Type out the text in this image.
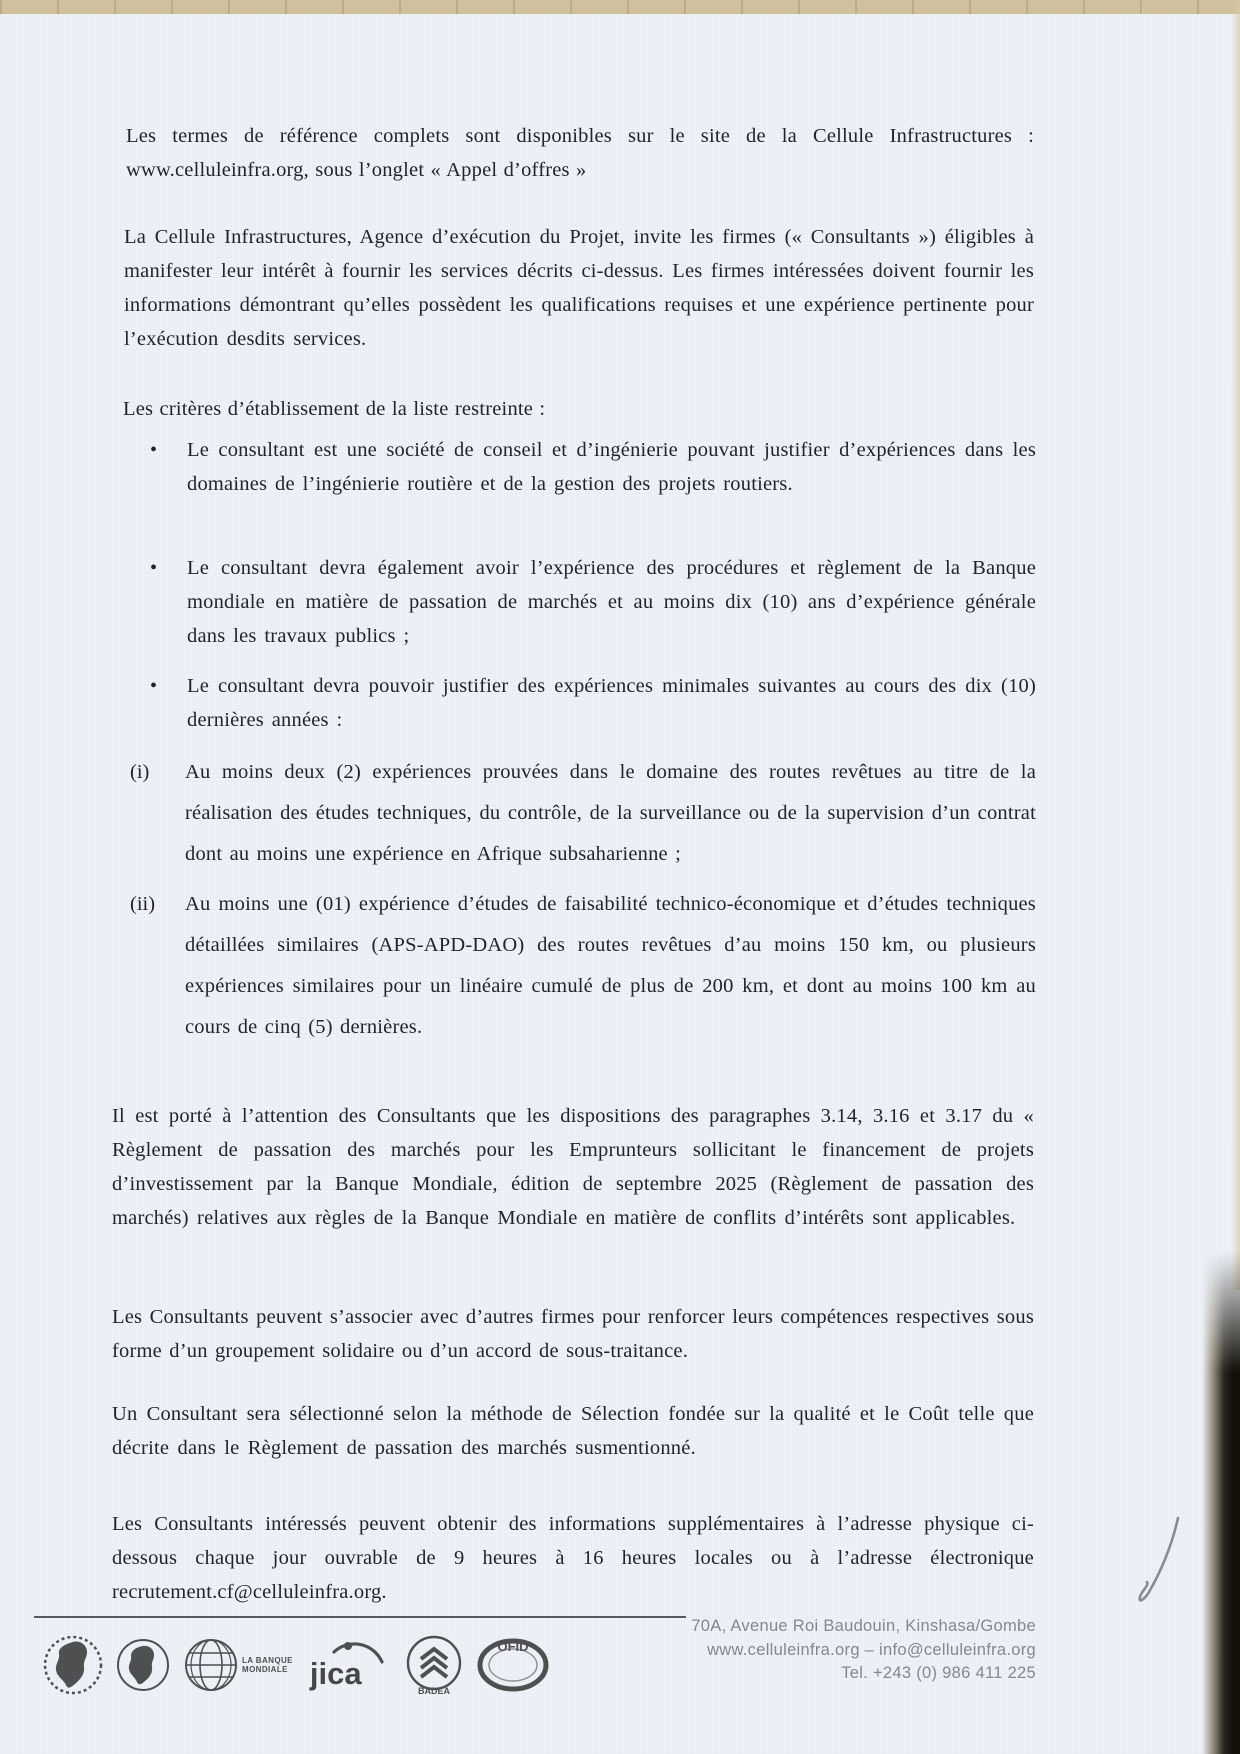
Les termes de référence complets sont disponibles sur le site de la Cellule Infrastructures : www.celluleinfra.org, sous l’onglet « Appel d’offres »

La Cellule Infrastructures, Agence d’exécution du Projet, invite les firmes (« Consultants ») éligibles à manifester leur intérêt à fournir les services décrits ci-dessus. Les firmes intéressées doivent fournir les informations démontrant qu’elles possèdent les qualifications requises et une expérience pertinente pour l’exécution desdits services.

Les critères d’établissement de la liste restreinte :

•	Le consultant est une société de conseil et d’ingénierie pouvant justifier d’expériences dans les domaines de l’ingénierie routière et de la gestion des projets routiers.
•	Le consultant devra également avoir l’expérience des procédures et règlement de la Banque mondiale en matière de passation de marchés et au moins dix (10) ans d’expérience générale dans les travaux publics ;
•	Le consultant devra pouvoir justifier des expériences minimales suivantes au cours des dix (10) dernières années :
(i)	Au moins deux (2) expériences prouvées dans le domaine des routes revêtues au titre de la réalisation des études techniques, du contrôle, de la surveillance ou de la supervision d’un contrat dont au moins une expérience en Afrique subsaharienne ;
(ii)	Au moins une (01) expérience d’études de faisabilité technico-économique et d’études techniques détaillées similaires (APS-APD-DAO) des routes revêtues d’au moins 150 km, ou plusieurs expériences similaires pour un linéaire cumulé de plus de 200 km, et dont au moins 100 km au cours de cinq (5) dernières.

Il est porté à l’attention des Consultants que les dispositions des paragraphes 3.14, 3.16 et 3.17 du « Règlement de passation des marchés pour les Emprunteurs sollicitant le financement de projets d’investissement par la Banque Mondiale, édition de septembre 2025 (Règlement de passation des marchés) relatives aux règles de la Banque Mondiale en matière de conflits d’intérêts sont applicables.

Les Consultants peuvent s’associer avec d’autres firmes pour renforcer leurs compétences respectives sous forme d’un groupement solidaire ou d’un accord de sous-traitance.

Un Consultant sera sélectionné selon la méthode de Sélection fondée sur la qualité et le Coût telle que décrite dans le Règlement de passation des marchés susmentionné.

Les Consultants intéressés peuvent obtenir des informations supplémentaires à l’adresse physique ci-dessous chaque jour ouvrable de 9 heures à 16 heures locales ou à l’adresse électronique recrutement.cf@celluleinfra.org.

LA BANQUE
MONDIALE jica	BADEA
OFID
70A, Avenue Roi Baudouin, Kinshasa/Gombe
www.celluleinfra.org – info@celluleinfra.org
Tel. +243 (0) 986 411 225
